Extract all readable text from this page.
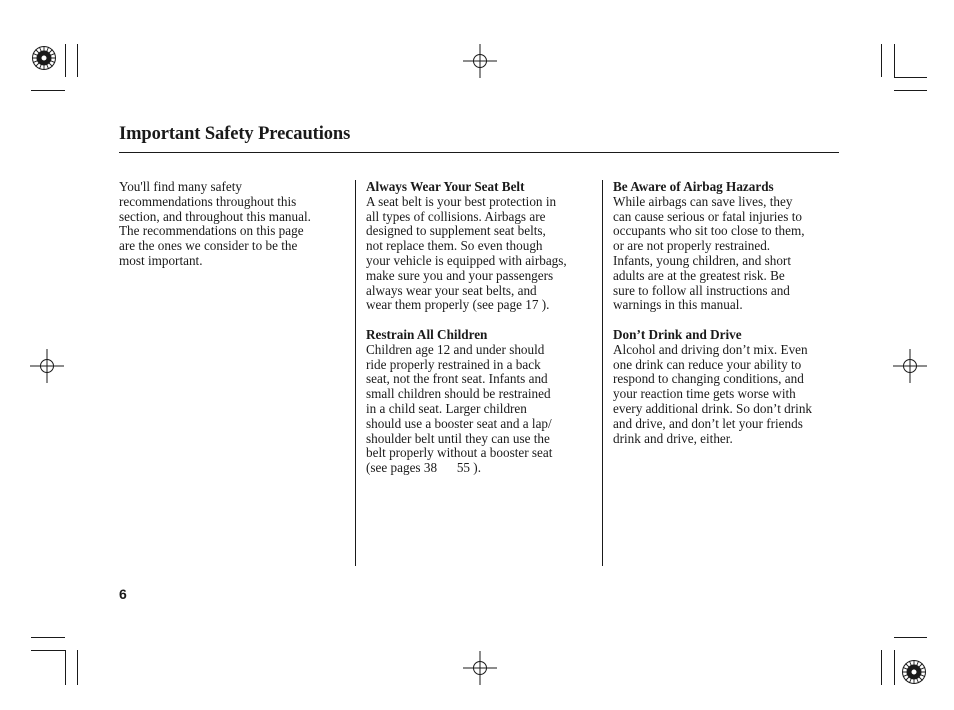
Important Safety Precautions

You'll find many safety

recommendations throughout this

section, and throughout this manual.

The recommendations on this page

are the ones we consider to be the

most important.

Always Wear Your Seat Belt

A seat belt is your best protection in

all types of collisions. Airbags are

designed to supplement seat belts,

not replace them. So even though

your vehicle is equipped with airbags,

make sure you and your passengers

always wear your seat belts, and

wear them properly (see page 17 ).

Restrain All Children

Children age 12 and under should

ride properly restrained in a back

seat, not the front seat. Infants and

small children should be restrained

in a child seat. Larger children

should use a booster seat and a lap/

shoulder belt until they can use the

belt properly without a booster seat

(see pages 38      55 ).

Be Aware of Airbag Hazards

While airbags can save lives, they

can cause serious or fatal injuries to

occupants who sit too close to them,

or are not properly restrained.

Infants, young children, and short

adults are at the greatest risk. Be

sure to follow all instructions and

warnings in this manual.

Don’t Drink and Drive

Alcohol and driving don’t mix. Even

one drink can reduce your ability to

respond to changing conditions, and

your reaction time gets worse with

every additional drink. So don’t drink

and drive, and don’t let your friends

drink and drive, either.

6
